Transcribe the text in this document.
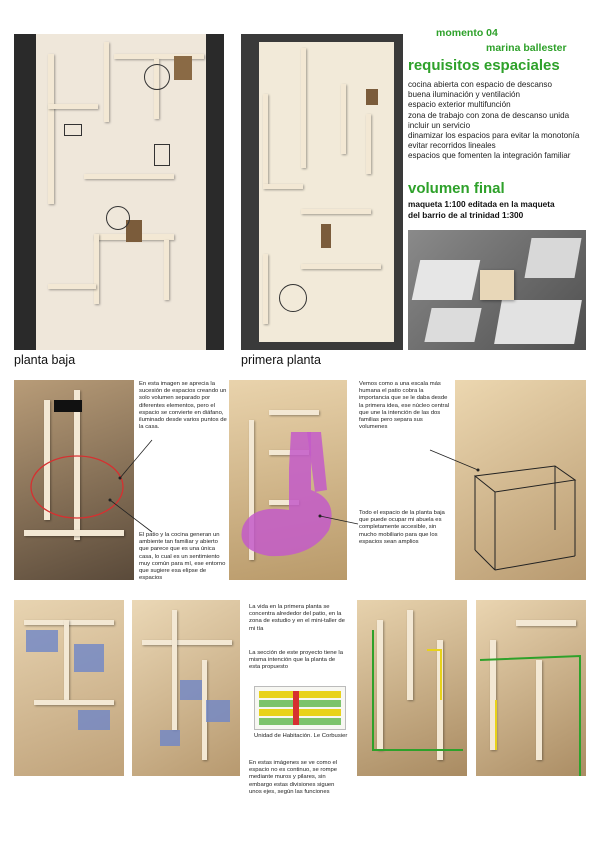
momento 04
marina ballester
planta baja	primera planta
requisitos espaciales
cocina abierta con espacio de descanso
buena iluminación y ventilación
espacio exterior multifunción
zona de trabajo con zona de descanso unida
incluir un servicio
dinamizar los espacios para evitar la monotonía
evitar recorridos lineales
espacios que fomenten la integración familiar
volumen final
maqueta 1:100 editada en la maqueta
del barrio de al trinidad 1:300
En esta imagen se aprecia la sucesión de espacios creando un solo volumen separado por diferentes elementos, pero el espacio se convierte en diáfano, iluminado desde varios puntos de la casa.
El patio y la cocina generan un ambiente tan familiar y abierto que parece que es una única casa, lo cual es un sentimiento muy común para mí, ese entorno que sugiere esa elipse de espacios
Vemos como a una escala más humana el patio cobra la importancia que se le daba desde la primera idea, ese núcleo central que une la intención de las dos familias pero separa sus volumenes
Todo el espacio de la planta baja que puede ocupar mi abuela es completamente accesible, sin mucho mobiliario para que los espacios sean amplios
La vida en la primera planta se concentra alrededor del patio, en la zona de estudio y en el mini-taller de mi tía
La sección de este proyecto tiene la misma intención que la planta de esta propuesto
Unidad de Habitación. Le Corbusier
En estas imágenes se ve como el espacio no es continuo, se rompe mediante muros y pilares, sin embargo estas divisiones siguen unos ejes, según las funciones
